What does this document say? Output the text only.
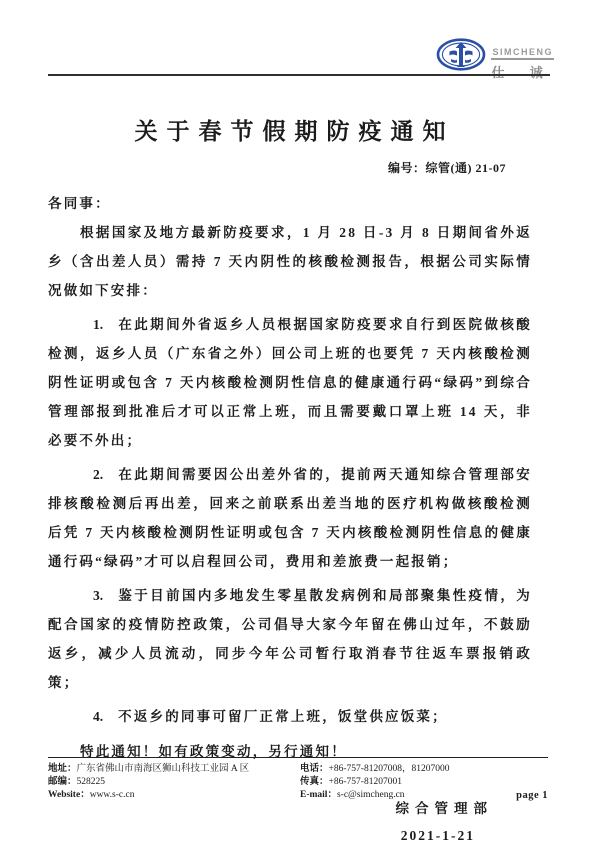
SIMCHENG
仕 诚
关于春节假期防疫通知
编号：综管(通) 21-07

各同事：

根据国家及地方最新防疫要求，1 月 28 日-3 月 8 日期间省外返乡（含出差人员）需持 7 天内阴性的核酸检测报告，根据公司实际情况做如下安排：

1. 在此期间外省返乡人员根据国家防疫要求自行到医院做核酸检测，返乡人员（广东省之外）回公司上班的也要凭 7 天内核酸检测阴性证明或包含 7 天内核酸检测阴性信息的健康通行码“绿码”到综合管理部报到批准后才可以正常上班，而且需要戴口罩上班 14 天，非必要不外出；

2. 在此期间需要因公出差外省的，提前两天通知综合管理部安排核酸检测后再出差，回来之前联系出差当地的医疗机构做核酸检测后凭 7 天内核酸检测阴性证明或包含 7 天内核酸检测阴性信息的健康通行码“绿码”才可以启程回公司，费用和差旅费一起报销；

3. 鉴于目前国内多地发生零星散发病例和局部聚集性疫情，为配合国家的疫情防控政策，公司倡导大家今年留在佛山过年，不鼓励返乡，减少人员流动，同步今年公司暂行取消春节往返车票报销政策；

4. 不返乡的同事可留厂正常上班，饭堂供应饭菜；

特此通知！如有政策变动，另行通知！

综合管理部
2021-1-21
地址：广东省佛山市南海区狮山科技工业园 A 区
邮编：528225
Website：www.s-c.cn
电话：+86-757-81207008，81207000
传真：+86-757-81207001
E-mail：s-c@simcheng.cn	page 1
